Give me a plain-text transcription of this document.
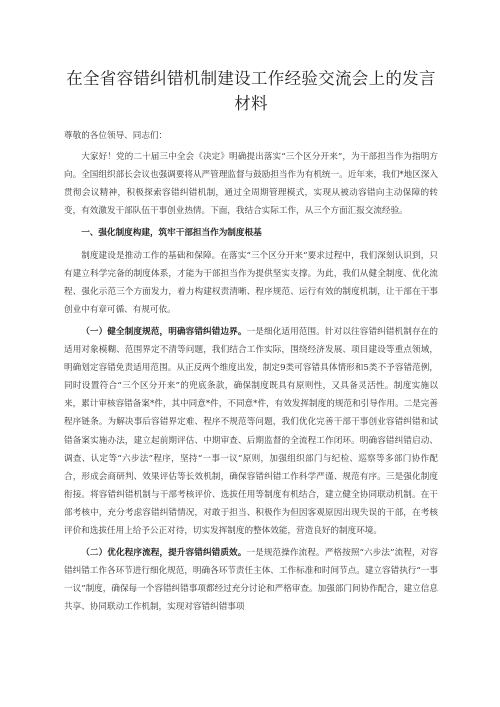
在全省容错纠错机制建设工作经验交流会上的发言
材料

尊敬的各位领导、同志们：

大家好！党的二十届三中全会《决定》明确提出落实“三个区分开来”，为干部担当作为指明方向。全国组织部长会议也强调要将从严管理监督与鼓励担当作为有机统一。近年来，我们*地区深入贯彻会议精神，积极探索容错纠错机制，通过全周期管理模式，实现从被动容错向主动保障的转变，有效激发干部队伍干事创业热情。下面，我结合实际工作，从三个方面汇报交流经验。

一、强化制度构建，筑牢干部担当作为制度根基

制度建设是推动工作的基础和保障。在落实“三个区分开来”要求过程中，我们深刻认识到，只有建立科学完备的制度体系，才能为干部担当作为提供坚实支撑。为此，我们从健全制度、优化流程、强化示范三个方面发力，着力构建权责清晰、程序规范、运行有效的制度机制，让干部在干事创业中有章可循、有规可依。

（一）健全制度规范，明确容错纠错边界。一是细化适用范围。针对以往容错纠错机制存在的适用对象模糊、范围界定不清等问题，我们结合工作实际，围绕经济发展、项目建设等重点领域，明确划定容错免责适用范围。从正反两个维度出发，制定9类可容错具体情形和5类不予容错范例，同时设置符合“三个区分开来”的兜底条款，确保制度既具有原则性，又具备灵活性。制度实施以来，累计审核容错备案*件，其中同意*件，不同意*件，有效发挥制度的规范和引导作用。二是完善程序链条。为解决事后容错界定难、程序不规范等问题，我们优化完善干部干事创业容错纠错和试错备案实施办法，建立起前期评估、中期审查、后期监督的全流程工作闭环。明确容错纠错启动、调查、认定等“六步法”程序，坚持“一事一议”原则，加强组织部门与纪检、巡察等多部门协作配合，形成会商研判、效果评估等长效机制，确保容错纠错工作科学严谨、规范有序。三是强化制度衔接。将容错纠错机制与干部考核评价、选拔任用等制度有机结合，建立健全协同联动机制。在干部考核中，充分考虑容错纠错情况，对敢于担当、积极作为但因客观原因出现失误的干部，在考核评价和选拔任用上给予公正对待，切实发挥制度的整体效能，营造良好的制度环境。

（二）优化程序流程，提升容错纠错质效。一是规范操作流程。严格按照“六步法”流程，对容错纠错工作各环节进行细化规范，明确各环节责任主体、工作标准和时间节点。建立容错执行“一事一议”制度，确保每一个容错纠错事项都经过充分讨论和严格审查。加强部门间协作配合，建立信息共享、协同联动工作机制，实现对容错纠错事项
